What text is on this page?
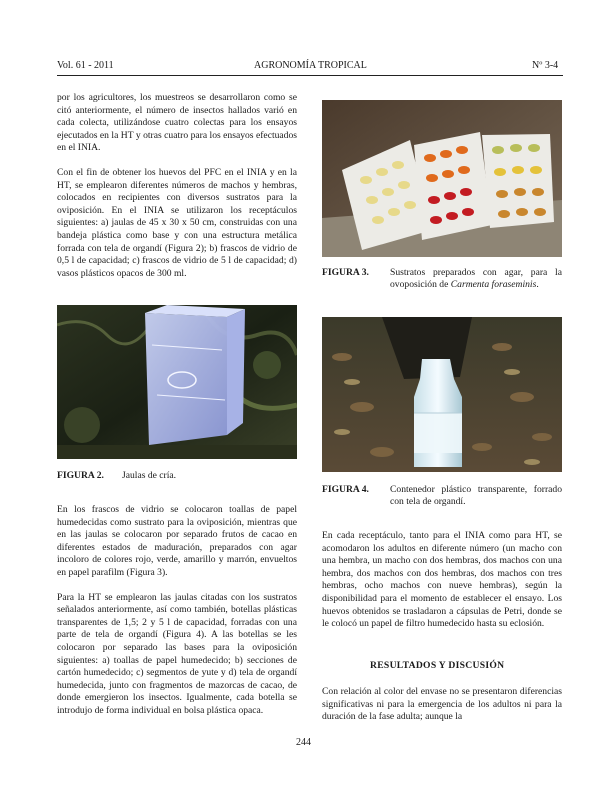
Vol. 61 - 2011	AGRONOMÍA TROPICAL	Nº 3-4

por los agricultores, los muestreos se desarrollaron como se citó anteriormente, el número de insectos hallados varió en cada colecta, utilizándose cuatro colectas para los ensayos ejecutados en la HT y otras cuatro para los ensayos efectuados en el INIA.

Con el fin de obtener los huevos del PFC en el INIA y en la HT, se emplearon diferentes números de machos y hembras, colocados en recipientes con diversos sustratos para la oviposición. En el INIA se utilizaron los receptáculos siguientes: a) jaulas de 45 x 30 x 50 cm, construidas con una bandeja plástica como base y con una estructura metálica forrada con tela de organdí (Figura 2); b) frascos de vidrio de 0,5 l de capacidad; c) frascos de vidrio de 5 l de capacidad; d) vasos plásticos opacos de 300 ml.

FIGURA 2. Jaulas de cría.

En los frascos de vidrio se colocaron toallas de papel humedecidas como sustrato para la oviposición, mientras que en las jaulas se colocaron por separado frutos de cacao en diferentes estados de maduración, preparados con agar incoloro de colores rojo, verde, amarillo y marrón, envueltos en papel parafilm (Figura 3).

Para la HT se emplearon las jaulas citadas con los sustratos señalados anteriormente, así como también, botellas plásticas transparentes de 1,5; 2 y 5 l de capacidad, forradas con una parte de tela de organdí (Figura 4). A las botellas se les colocaron por separado las bases para la oviposición siguientes: a) toallas de papel humedecido; b) secciones de cartón humedecido; c) segmentos de yute y d) tela de organdí humedecida, junto con fragmentos de mazorcas de cacao, de donde emergieron los insectos. Igualmente, cada botella se introdujo de forma individual en bolsa plástica opaca.

FIGURA 3. Sustratos preparados con agar, para la ovoposición de Carmenta foraseminis.
FIGURA 4. Contenedor plástico transparente, forrado con tela de organdí.

En cada receptáculo, tanto para el INIA como para HT, se acomodaron los adultos en diferente número (un macho con una hembra, un macho con dos hembras, dos machos con una hembra, dos machos con dos hembras, dos machos con tres hembras, ocho machos con nueve hembras), según la disponibilidad para el momento de establecer el ensayo. Los huevos obtenidos se trasladaron a cápsulas de Petri, donde se le colocó un papel de filtro humedecido hasta su eclosión.

RESULTADOS Y DISCUSIÓN

Con relación al color del envase no se presentaron diferencias significativas ni para la emergencia de los adultos ni para la duración de la fase adulta; aunque la

244
